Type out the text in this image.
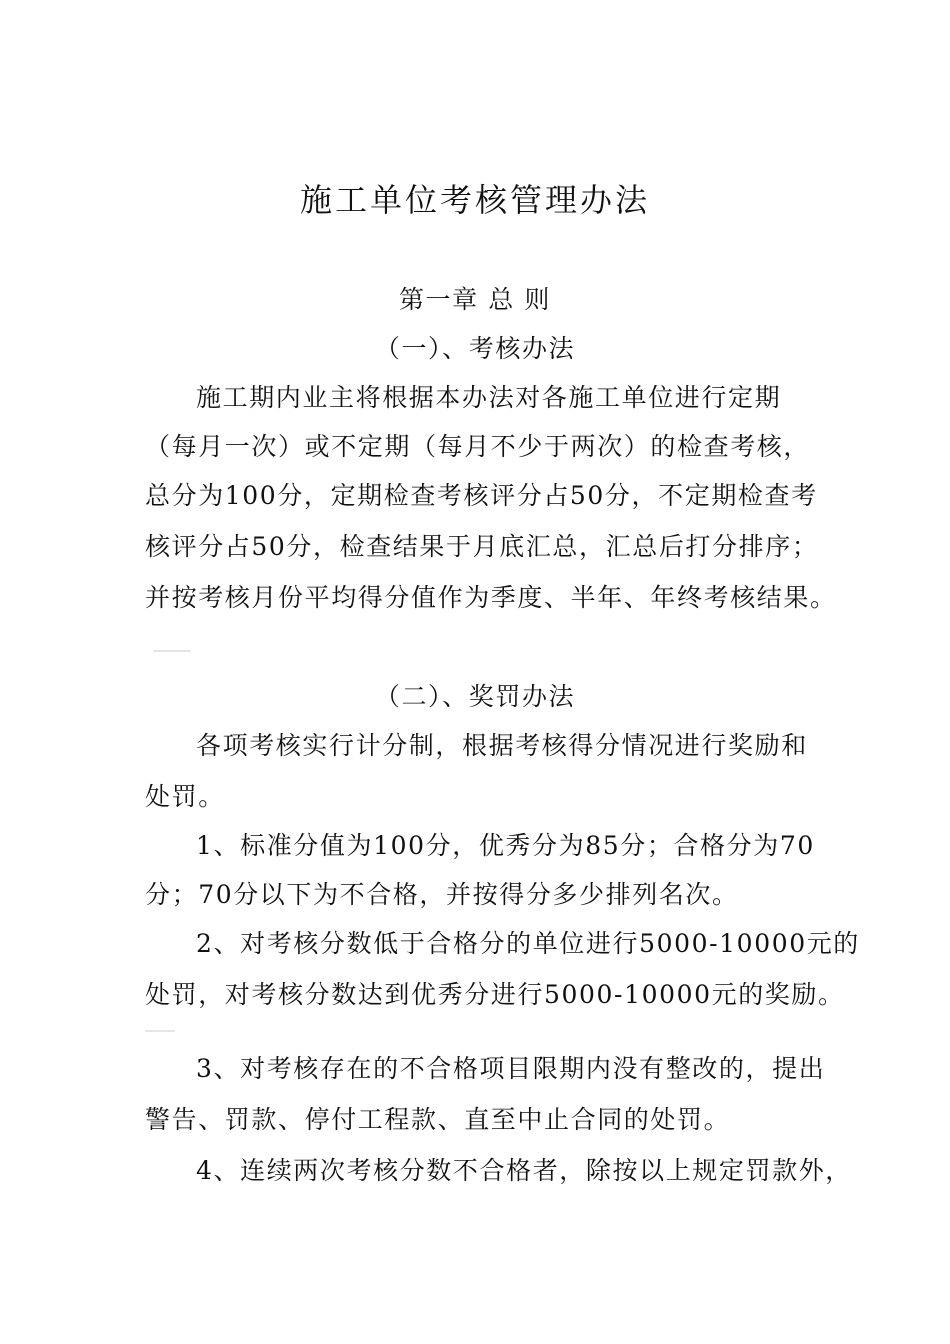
施工单位考核管理办法
第一章 总 则
（一）、考核办法
施工期内业主将根据本办法对各施工单位进行定期
（每月一次）或不定期（每月不少于两次）的检查考核，
总分为100分，定期检查考核评分占50分，不定期检查考
核评分占50分，检查结果于月底汇总，汇总后打分排序；
并按考核月份平均得分值作为季度、半年、年终考核结果。
（二）、奖罚办法
各项考核实行计分制，根据考核得分情况进行奖励和
处罚。
1、标准分值为100分，优秀分为85分；合格分为70
分；70分以下为不合格，并按得分多少排列名次。
2、对考核分数低于合格分的单位进行5000-10000元的
处罚，对考核分数达到优秀分进行5000-10000元的奖励。
3、对考核存在的不合格项目限期内没有整改的，提出
警告、罚款、停付工程款、直至中止合同的处罚。
4、连续两次考核分数不合格者，除按以上规定罚款外，
